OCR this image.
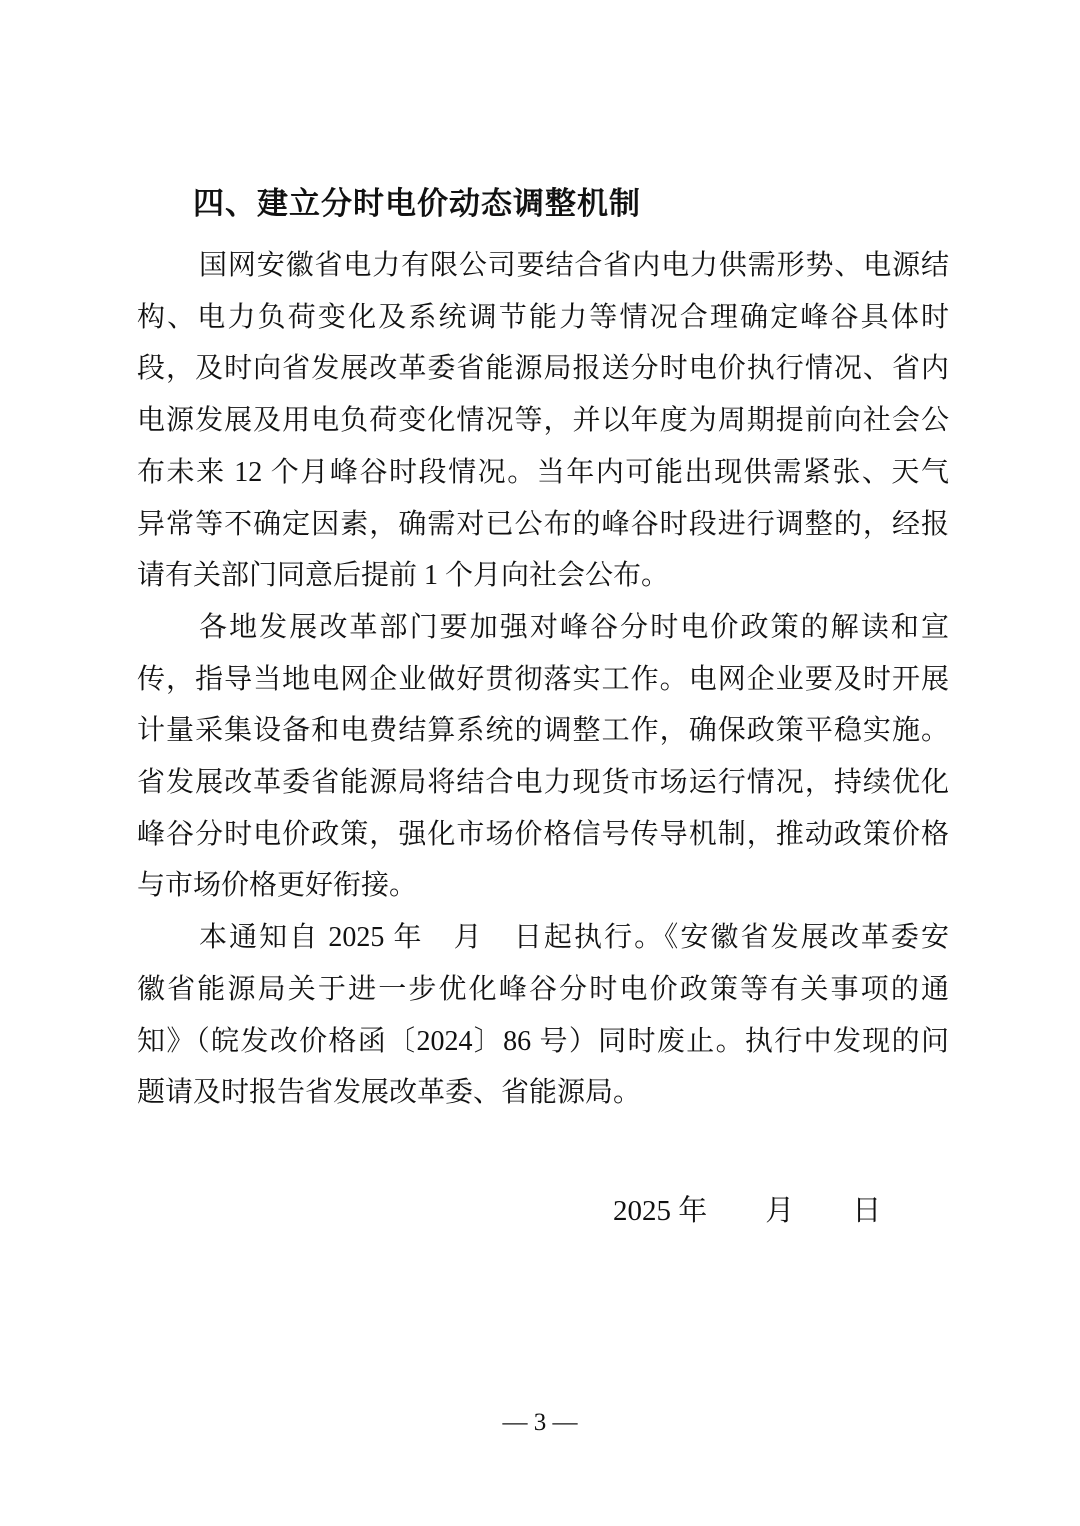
四、建立分时电价动态调整机制
国网安徽省电力有限公司要结合省内电力供需形势、电源结
构、电力负荷变化及系统调节能力等情况合理确定峰谷具体时
段，及时向省发展改革委省能源局报送分时电价执行情况、省内
电源发展及用电负荷变化情况等，并以年度为周期提前向社会公
布未来 12 个月峰谷时段情况。当年内可能出现供需紧张、天气
异常等不确定因素，确需对已公布的峰谷时段进行调整的，经报
请有关部门同意后提前 1 个月向社会公布。
各地发展改革部门要加强对峰谷分时电价政策的解读和宣
传，指导当地电网企业做好贯彻落实工作。电网企业要及时开展
计量采集设备和电费结算系统的调整工作，确保政策平稳实施。
省发展改革委省能源局将结合电力现货市场运行情况，持续优化
峰谷分时电价政策，强化市场价格信号传导机制，推动政策价格
与市场价格更好衔接。
本通知自 2025 年　月　日起执行。《安徽省发展改革委安
徽省能源局关于进一步优化峰谷分时电价政策等有关事项的通
知》（皖发改价格函〔2024〕86 号）同时废止。执行中发现的问
题请及时报告省发展改革委、省能源局。
2025 年　　月　　日
— 3 —
